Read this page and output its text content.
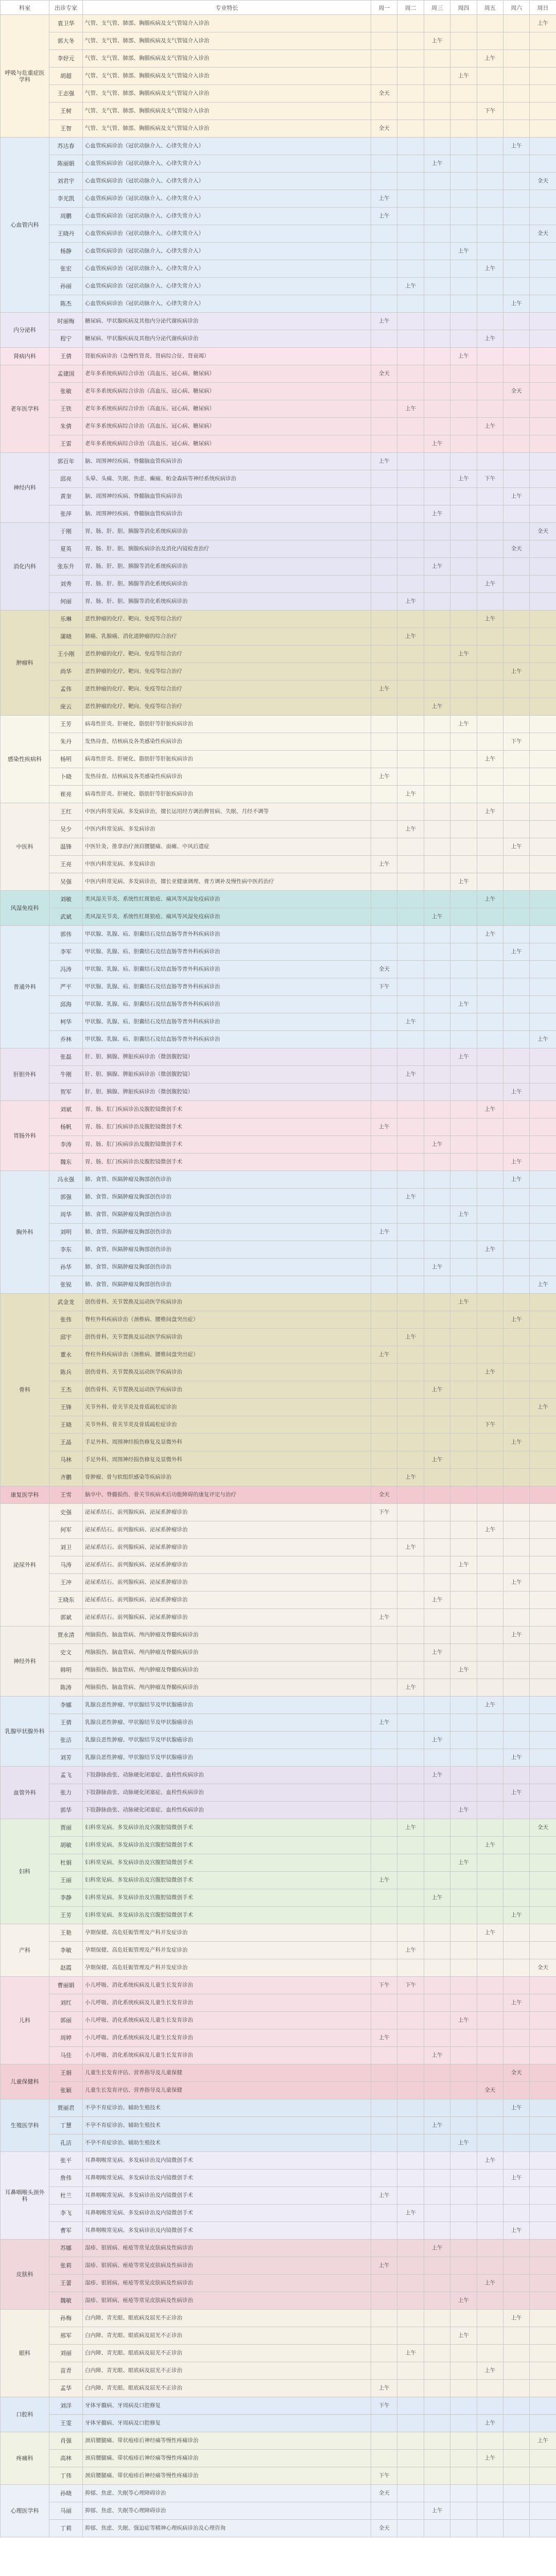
科室	出诊专家	专业特长	周一	周二	周三	周四	周五	周六	周日
呼吸与危重症医学科	袁卫华	气管、支气管、肺部、胸膜疾病及支气管镜介入诊治							上午
	郭大冬	气管、支气管、肺部、胸膜疾病及支气管镜介入诊治			上午				
	李妤元	气管、支气管、肺部、胸膜疾病及支气管镜介入诊治					上午		
	胡超	气管、支气管、肺部、胸膜疾病及支气管镜介入诊治				上午			
	王志强	气管、支气管、肺部、胸膜疾病及支气管镜介入诊治	全天						
	王树	气管、支气管、肺部、胸膜疾病及支气管镜介入诊治					下午		
	王智	气管、支气管、肺部、胸膜疾病及支气管镜介入诊治	全天						
心血管内科	苏达春	心血管疾病诊治（冠状动脉介入、心律失常介入）						上午	
	陈丽娟	心血管疾病诊治（冠状动脉介入、心律失常介入）			上午				
	刘君宇	心血管疾病诊治（冠状动脉介入、心律失常介入）							全天
	李光凯	心血管疾病诊治（冠状动脉介入、心律失常介入）	上午						
	周鹏	心血管疾病诊治（冠状动脉介入、心律失常介入）	上午						
	王晓丹	心血管疾病诊治（冠状动脉介入、心律失常介入）							全天
	杨静	心血管疾病诊治（冠状动脉介入、心律失常介入）				上午			
	张宏	心血管疾病诊治（冠状动脉介入、心律失常介入）					上午		
	孙丽	心血管疾病诊治（冠状动脉介入、心律失常介入）		上午					
	陈杰	心血管疾病诊治（冠状动脉介入、心律失常介入）						上午	
内分泌科	时丽梅	糖尿病、甲状腺疾病及其他内分泌代谢疾病诊治	上午						
	程宁	糖尿病、甲状腺疾病及其他内分泌代谢疾病诊治					上午		
肾病内科	王倩	肾脏疾病诊治（急慢性肾炎、肾病综合征、肾衰竭）				上午			
老年医学科	孟建国	老年多系统疾病综合诊治（高血压、冠心病、糖尿病）	全天						
	张敏	老年多系统疾病综合诊治（高血压、冠心病、糖尿病）						全天	
	王铁	老年多系统疾病综合诊治（高血压、冠心病、糖尿病）		上午					
	朱倩	老年多系统疾病综合诊治（高血压、冠心病、糖尿病）					上午		
	王雷	老年多系统疾病综合诊治（高血压、冠心病、糖尿病）			上午				
神经内科	郭百年	脑、周围神经疾病、脊髓脑血管疾病诊治	上午						
	邱亮	头晕、头痛、失眠、焦虑、癫痫、帕金森病等神经系统疾病诊治				上午	下午		
	黄奎	脑、周围神经疾病、脊髓脑血管疾病诊治						上午	
	张萍	脑、周围神经疾病、脊髓脑血管疾病诊治			上午				
消化内科	于刚	胃、肠、肝、胆、胰腺等消化系统疾病诊治							全天
	夏英	胃、肠、肝、胆、胰腺疾病诊治及消化内镜检查治疗						全天	
	张东升	胃、肠、肝、胆、胰腺等消化系统疾病诊治			上午				
	刘秀	胃、肠、肝、胆、胰腺等消化系统疾病诊治					上午		
	何丽	胃、肠、肝、胆、胰腺等消化系统疾病诊治		上午					
肿瘤科	乐琳	恶性肿瘤的化疗、靶向、免疫等综合治疗					上午		
	蒲晓	肺癌、乳腺癌、消化道肿瘤的综合治疗		上午					
	王小刚	恶性肿瘤的化疗、靶向、免疫等综合治疗				上午			
	尚华	恶性肿瘤的化疗、靶向、免疫等综合治疗						上午	
	孟伟	恶性肿瘤的化疗、靶向、免疫等综合治疗	上午						
	庞云	恶性肿瘤的化疗、靶向、免疫等综合治疗			上午				
感染性疾病科	王芳	病毒性肝炎、肝硬化、脂肪肝等肝脏疾病诊治				上午			
	朱丹	发热待查、结核病及各类感染性疾病诊治						下午	
	杨明	病毒性肝炎、肝硬化、脂肪肝等肝脏疾病诊治					上午		
	卜晓	发热待查、结核病及各类感染性疾病诊治	上午						
	崔亮	病毒性肝炎、肝硬化、脂肪肝等肝脏疾病诊治		上午					
中医科	王红	中医内科常见病、多发病诊治，擅长运用经方调治脾胃病、失眠、月经不调等					上午		
	吴少	中医内科常见病、多发病诊治		上午					
	温锋	中医针灸、推拿治疗颈肩腰腿痛、面瘫、中风后遗症						上午	
	王亮	中医内科常见病、多发病诊治	上午						
	吴强	中医内科常见病、多发病诊治，擅长亚健康调理、膏方调补及慢性病中医药治疗				上午			
风湿免疫科	刘敏	类风湿关节炎、系统性红斑狼疮、痛风等风湿免疫病诊治					上午		
	武斌	类风湿关节炎、系统性红斑狼疮、痛风等风湿免疫病诊治			上午				
普通外科	郭伟	甲状腺、乳腺、疝、胆囊结石及结直肠等普外科疾病诊治					上午		
	李军	甲状腺、乳腺、疝、胆囊结石及结直肠等普外科疾病诊治						上午	
	冯涛	甲状腺、乳腺、疝、胆囊结石及结直肠等普外科疾病诊治	全天						
	严平	甲状腺、乳腺、疝、胆囊结石及结直肠等普外科疾病诊治	下午						
	邱海	甲状腺、乳腺、疝、胆囊结石及结直肠等普外科疾病诊治				上午			
	柯华	甲状腺、乳腺、疝、胆囊结石及结直肠等普外科疾病诊治		上午					
	乔林	甲状腺、乳腺、疝、胆囊结石及结直肠等普外科疾病诊治							上午
肝胆外科	张磊	肝、胆、胰腺、脾脏疾病诊治（微创腹腔镜）				上午			
	牛刚	肝、胆、胰腺、脾脏疾病诊治（微创腹腔镜）		上午					
	贺军	肝、胆、胰腺、脾脏疾病诊治（微创腹腔镜）						上午	
胃肠外科	刘斌	胃、肠、肛门疾病诊治及腹腔镜微创手术					上午		
	杨帆	胃、肠、肛门疾病诊治及腹腔镜微创手术	上午						
	李涛	胃、肠、肛门疾病诊治及腹腔镜微创手术			上午				
	魏东	胃、肠、肛门疾病诊治及腹腔镜微创手术						上午	
胸外科	冯永强	肺、食管、纵隔肿瘤及胸部创伤诊治						上午	
	郭强	肺、食管、纵隔肿瘤及胸部创伤诊治		上午					
	周华	肺、食管、纵隔肿瘤及胸部创伤诊治				上午			
	刘明	肺、食管、纵隔肿瘤及胸部创伤诊治	上午						
	李东	肺、食管、纵隔肿瘤及胸部创伤诊治					上午		
	孙华	肺、食管、纵隔肿瘤及胸部创伤诊治			上午				
	张锐	肺、食管、纵隔肿瘤及胸部创伤诊治							上午
骨科	武金龙	创伤骨科、关节置换及运动医学疾病诊治				上午			
	张伟	脊柱外科疾病诊治（颈椎病、腰椎间盘突出症）						上午	
	邱宇	创伤骨科、关节置换及运动医学疾病诊治		上午					
	董永	脊柱外科疾病诊治（颈椎病、腰椎间盘突出症）	上午						
	陈兵	创伤骨科、关节置换及运动医学疾病诊治					上午		
	王杰	创伤骨科、关节置换及运动医学疾病诊治			上午				
	王锋	关节外科、骨关节炎及骨质疏松症诊治							上午
	王晓	关节外科、骨关节炎及骨质疏松症诊治					下午		
	王晶	手足外科、周围神经损伤修复及显微外科						上午	
	马林	手足外科、周围神经损伤修复及显微外科			上午				
	齐鹏	骨肿瘤、骨与软组织感染等疾病诊治		上午					
康复医学科	王雪	脑卒中、脊髓损伤、骨关节疾病术后功能障碍的康复评定与治疗	全天						
泌尿外科	史强	泌尿系结石、前列腺疾病、泌尿系肿瘤诊治	下午						
	何军	泌尿系结石、前列腺疾病、泌尿系肿瘤诊治					上午		
	刘卫	泌尿系结石、前列腺疾病、泌尿系肿瘤诊治		上午					
	马涛	泌尿系结石、前列腺疾病、泌尿系肿瘤诊治				上午			
	王冲	泌尿系结石、前列腺疾病、泌尿系肿瘤诊治						上午	
	王晓东	泌尿系结石、前列腺疾病、泌尿系肿瘤诊治			上午				
	郭斌	泌尿系结石、前列腺疾病、泌尿系肿瘤诊治	上午						
神经外科	贾永清	颅脑损伤、脑血管病、颅内肿瘤及脊髓疾病诊治						上午	
	史文	颅脑损伤、脑血管病、颅内肿瘤及脊髓疾病诊治			上午				
	韩明	颅脑损伤、脑血管病、颅内肿瘤及脊髓疾病诊治				上午			
	陈涛	颅脑损伤、脑血管病、颅内肿瘤及脊髓疾病诊治		上午					
乳腺甲状腺外科	李娜	乳腺良恶性肿瘤、甲状腺结节及甲状腺癌诊治					上午		
	王倩	乳腺良恶性肿瘤、甲状腺结节及甲状腺癌诊治	上午						
	张洁	乳腺良恶性肿瘤、甲状腺结节及甲状腺癌诊治			上午				
	刘芳	乳腺良恶性肿瘤、甲状腺结节及甲状腺癌诊治						上午	
血管外科	孟飞	下肢静脉曲张、动脉硬化闭塞症、血栓性疾病诊治			上午				
	张力	下肢静脉曲张、动脉硬化闭塞症、血栓性疾病诊治						上午	
	郭华	下肢静脉曲张、动脉硬化闭塞症、血栓性疾病诊治				上午			
妇科	贾丽	妇科常见病、多发病诊治及宫腹腔镜微创手术		上午					全天
	胡敏	妇科常见病、多发病诊治及宫腹腔镜微创手术					上午		
	杜娟	妇科常见病、多发病诊治及宫腹腔镜微创手术				上午			
	王丽	妇科常见病、多发病诊治及宫腹腔镜微创手术	上午						
	李静	妇科常见病、多发病诊治及宫腹腔镜微创手术			上午				
	王芳	妇科常见病、多发病诊治及宫腹腔镜微创手术						上午	
产科	王艳	孕期保健、高危妊娠管理及产科并发症诊治					上午		
	李敏	孕期保健、高危妊娠管理及产科并发症诊治		上午					
	赵霞	孕期保健、高危妊娠管理及产科并发症诊治							全天
儿科	曹丽娟	小儿呼吸、消化系统疾病及儿童生长发育诊治	下午	下午					
	刘红	小儿呼吸、消化系统疾病及儿童生长发育诊治						上午	
	郭丽	小儿呼吸、消化系统疾病及儿童生长发育诊治				上午			
	周婷	小儿呼吸、消化系统疾病及儿童生长发育诊治	上午						
	马佳	小儿呼吸、消化系统疾病及儿童生长发育诊治			上午				
儿童保健科	王娟	儿童生长发育评估、营养指导及儿童保健						全天	
	张颖	儿童生长发育评估、营养指导及儿童保健					全天		
生殖医学科	贾丽君	不孕不育症诊治、辅助生殖技术						上午	
	丁慧	不孕不育症诊治、辅助生殖技术			上午				
	孔洁	不孕不育症诊治、辅助生殖技术				上午			
耳鼻咽喉头颈外科	张平	耳鼻咽喉常见病、多发病诊治及内镜微创手术					上午		
	詹伟	耳鼻咽喉常见病、多发病诊治及内镜微创手术						上午	
	杜兰	耳鼻咽喉常见病、多发病诊治及内镜微创手术	上午						
	李飞	耳鼻咽喉常见病、多发病诊治及内镜微创手术		上午					
	曹军	耳鼻咽喉常见病、多发病诊治及内镜微创手术						上午	
皮肤科	苏娜	湿疹、银屑病、痤疮等常见皮肤病及性病诊治			上午				
	张莉	湿疹、银屑病、痤疮等常见皮肤病及性病诊治	上午						
	王蕾	湿疹、银屑病、痤疮等常见皮肤病及性病诊治					上午		
	魏敏	湿疹、银屑病、痤疮等常见皮肤病及性病诊治				上午			
眼科	孙梅	白内障、青光眼、眼底病及屈光不正诊治						上午	
	邢军	白内障、青光眼、眼底病及屈光不正诊治				上午			
	刘丽	白内障、青光眼、眼底病及屈光不正诊治		上午					
	苗青	白内障、青光眼、眼底病及屈光不正诊治					上午		
	孟华	白内障、青光眼、眼底病及屈光不正诊治	上午						
口腔科	刘洋	牙体牙髓病、牙周病及口腔修复	下午						
	王雯	牙体牙髓病、牙周病及口腔修复					上午		
疼痛科	肖强	颈肩腰腿痛、带状疱疹后神经痛等慢性疼痛诊治							上午
	高林	颈肩腰腿痛、带状疱疹后神经痛等慢性疼痛诊治					上午		
	丁伟	颈肩腰腿痛、带状疱疹后神经痛等慢性疼痛诊治	下午						
心理医学科	孙晓	抑郁、焦虑、失眠等心理障碍诊治	全天						
	马丽	抑郁、焦虑、失眠等心理障碍诊治			上午				
	丁莉	抑郁、焦虑、失眠、强迫症等精神心理疾病诊治及心理咨询	全天						
